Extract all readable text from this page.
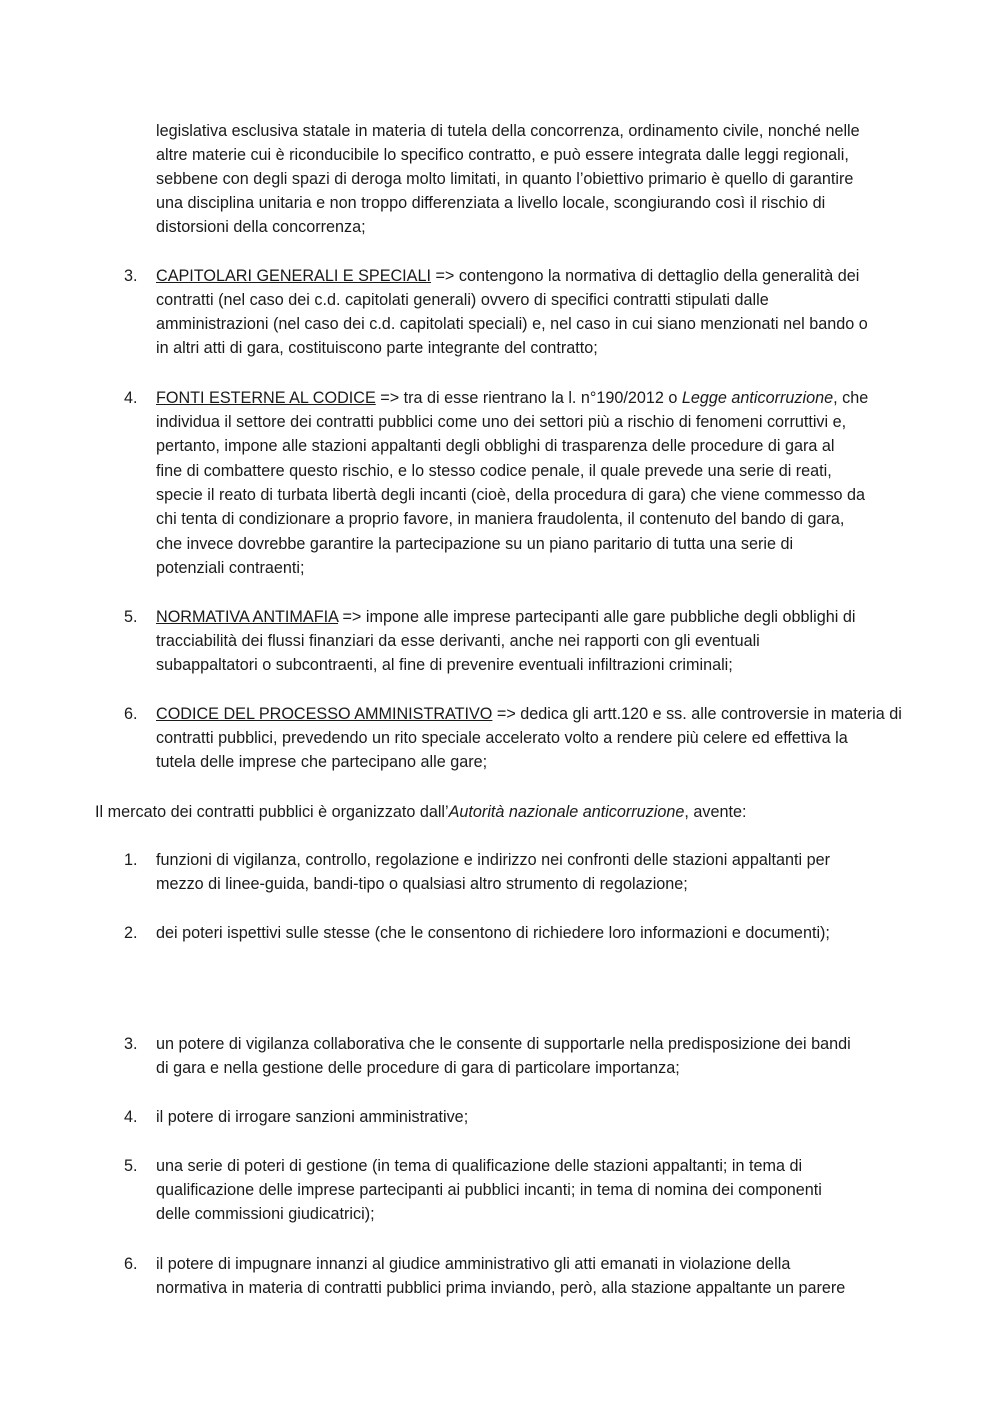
legislativa esclusiva statale in materia di tutela della concorrenza, ordinamento civile, nonché nelle
altre materie cui è riconducibile lo specifico contratto, e può essere integrata dalle leggi regionali,
sebbene con degli spazi di deroga molto limitati, in quanto l’obiettivo primario è quello di garantire
una disciplina unitaria e non troppo differenziata a livello locale, scongiurando così il rischio di
distorsioni della concorrenza;
3. CAPITOLARI GENERALI E SPECIALI => contengono la normativa di dettaglio della generalità dei
contratti (nel caso dei c.d. capitolati generali) ovvero di specifici contratti stipulati dalle
amministrazioni (nel caso dei c.d. capitolati speciali) e, nel caso in cui siano menzionati nel bando o
in altri atti di gara, costituiscono parte integrante del contratto;
4. FONTI ESTERNE AL CODICE => tra di esse rientrano la l. n°190/2012 o Legge anticorruzione, che
individua il settore dei contratti pubblici come uno dei settori più a rischio di fenomeni corruttivi e,
pertanto, impone alle stazioni appaltanti degli obblighi di trasparenza delle procedure di gara al
fine di combattere questo rischio, e lo stesso codice penale, il quale prevede una serie di reati,
specie il reato di turbata libertà degli incanti (cioè, della procedura di gara) che viene commesso da
chi tenta di condizionare a proprio favore, in maniera fraudolenta, il contenuto del bando di gara,
che invece dovrebbe garantire la partecipazione su un piano paritario di tutta una serie di
potenziali contraenti;
5. NORMATIVA ANTIMAFIA => impone alle imprese partecipanti alle gare pubbliche degli obblighi di
tracciabilità dei flussi finanziari da esse derivanti, anche nei rapporti con gli eventuali
subappaltatori o subcontraenti, al fine di prevenire eventuali infiltrazioni criminali;
6. CODICE DEL PROCESSO AMMINISTRATIVO => dedica gli artt.120 e ss. alle controversie in materia di
contratti pubblici, prevedendo un rito speciale accelerato volto a rendere più celere ed effettiva la
tutela delle imprese che partecipano alle gare;
Il mercato dei contratti pubblici è organizzato dall’Autorità nazionale anticorruzione, avente:
1. funzioni di vigilanza, controllo, regolazione e indirizzo nei confronti delle stazioni appaltanti per
mezzo di linee-guida, bandi-tipo o qualsiasi altro strumento di regolazione;
2. dei poteri ispettivi sulle stesse (che le consentono di richiedere loro informazioni e documenti);
3. un potere di vigilanza collaborativa che le consente di supportarle nella predisposizione dei bandi
di gara e nella gestione delle procedure di gara di particolare importanza;
4. il potere di irrogare sanzioni amministrative;
5. una serie di poteri di gestione (in tema di qualificazione delle stazioni appaltanti; in tema di
qualificazione delle imprese partecipanti ai pubblici incanti; in tema di nomina dei componenti
delle commissioni giudicatrici);
6. il potere di impugnare innanzi al giudice amministrativo gli atti emanati in violazione della
normativa in materia di contratti pubblici prima inviando, però, alla stazione appaltante un parere
